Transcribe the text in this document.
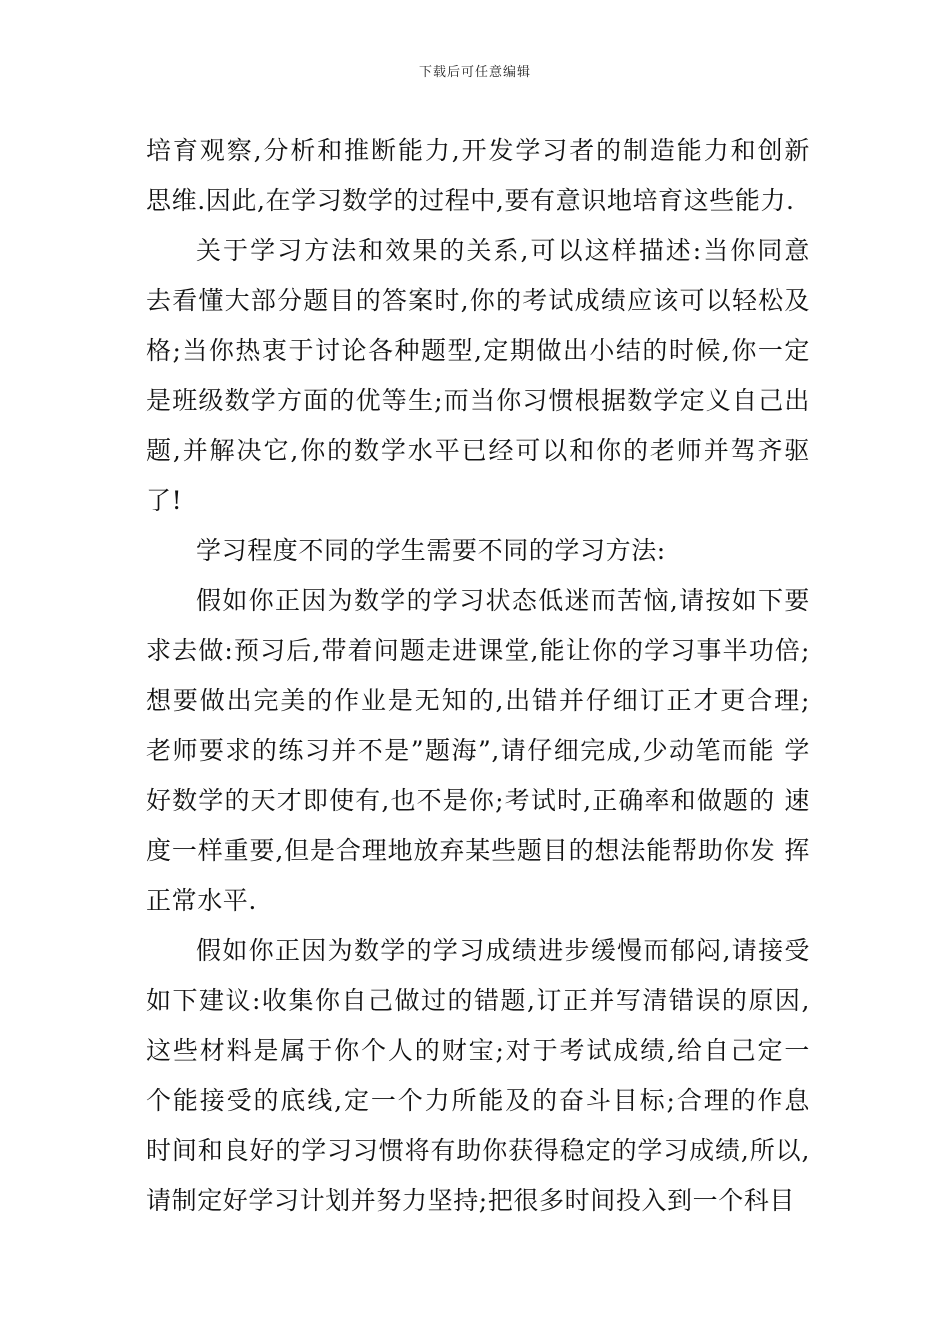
下载后可任意编辑

培育观察,分析和推断能力,开发学习者的制造能力和创新 思维.因此,在学习数学的过程中,要有意识地培育这些能力.

关于学习方法和效果的关系,可以这样描述:当你同意 去看懂大部分题目的答案时,你的考试成绩应该可以轻松及 格;当你热衷于讨论各种题型,定期做出小结的时候,你一定 是班级数学方面的优等生;而当你习惯根据数学定义自己出 题,并解决它,你的数学水平已经可以和你的老师并驾齐驱 了!

学习程度不同的学生需要不同的学习方法:

假如你正因为数学的学习状态低迷而苦恼,请按如下要 求去做:预习后,带着问题走进课堂,能让你的学习事半功倍; 想要做出完美的作业是无知的,出错并仔细订正才更合理; 老师要求的练习并不是”题海”,请仔细完成,少动笔而能 学好数学的天才即使有,也不是你;考试时,正确率和做题的 速度一样重要,但是合理地放弃某些题目的想法能帮助你发 挥正常水平.

假如你正因为数学的学习成绩进步缓慢而郁闷,请接受 如下建议:收集你自己做过的错题,订正并写清错误的原因, 这些材料是属于你个人的财宝;对于考试成绩,给自己定一 个能接受的底线,定一个力所能及的奋斗目标;合理的作息 时间和良好的学习习惯将有助你获得稳定的学习成绩,所以, 请制定好学习计划并努力坚持;把很多时间投入到一个科目
